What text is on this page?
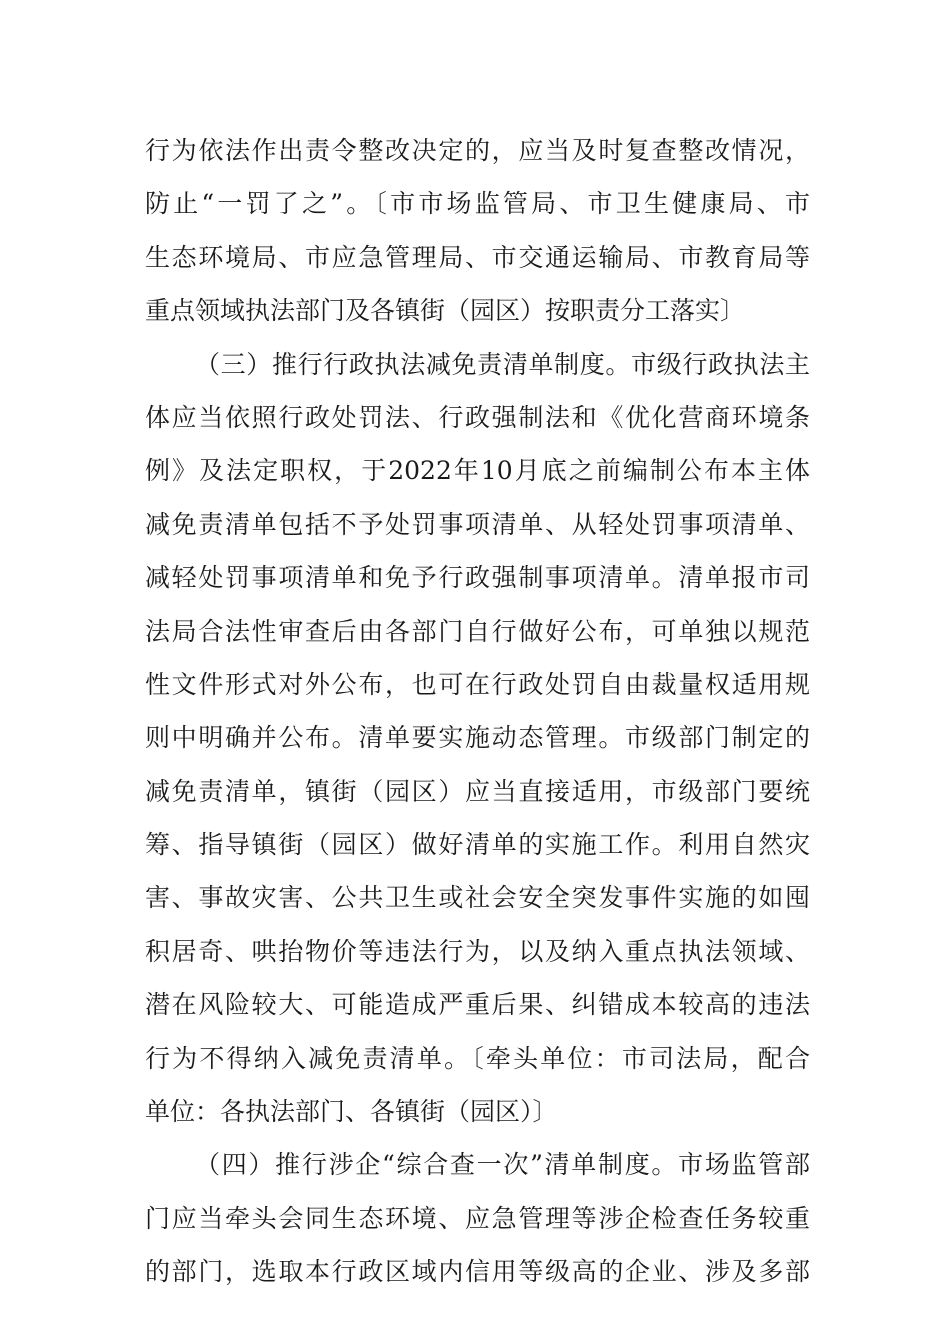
行为依法作出责令整改决定的，应当及时复查整改情况，
防止“一罚了之”。〔市市场监管局、市卫生健康局、市
生态环境局、市应急管理局、市交通运输局、市教育局等
重点领域执法部门及各镇街（园区）按职责分工落实〕
（三）推行行政执法减免责清单制度。市级行政执法主
体应当依照行政处罚法、行政强制法和《优化营商环境条
例》及法定职权，于2022年10月底之前编制公布本主体
减免责清单包括不予处罚事项清单、从轻处罚事项清单、
减轻处罚事项清单和免予行政强制事项清单。清单报市司
法局合法性审查后由各部门自行做好公布，可单独以规范
性文件形式对外公布，也可在行政处罚自由裁量权适用规
则中明确并公布。清单要实施动态管理。市级部门制定的
减免责清单，镇街（园区）应当直接适用，市级部门要统
筹、指导镇街（园区）做好清单的实施工作。利用自然灾
害、事故灾害、公共卫生或社会安全突发事件实施的如囤
积居奇、哄抬物价等违法行为，以及纳入重点执法领域、
潜在风险较大、可能造成严重后果、纠错成本较高的违法
行为不得纳入减免责清单。〔牵头单位：市司法局，配合
单位：各执法部门、各镇街（园区）〕
（四）推行涉企“综合查一次”清单制度。市场监管部
门应当牵头会同生态环境、应急管理等涉企检查任务较重
的部门，选取本行政区域内信用等级高的企业、涉及多部
